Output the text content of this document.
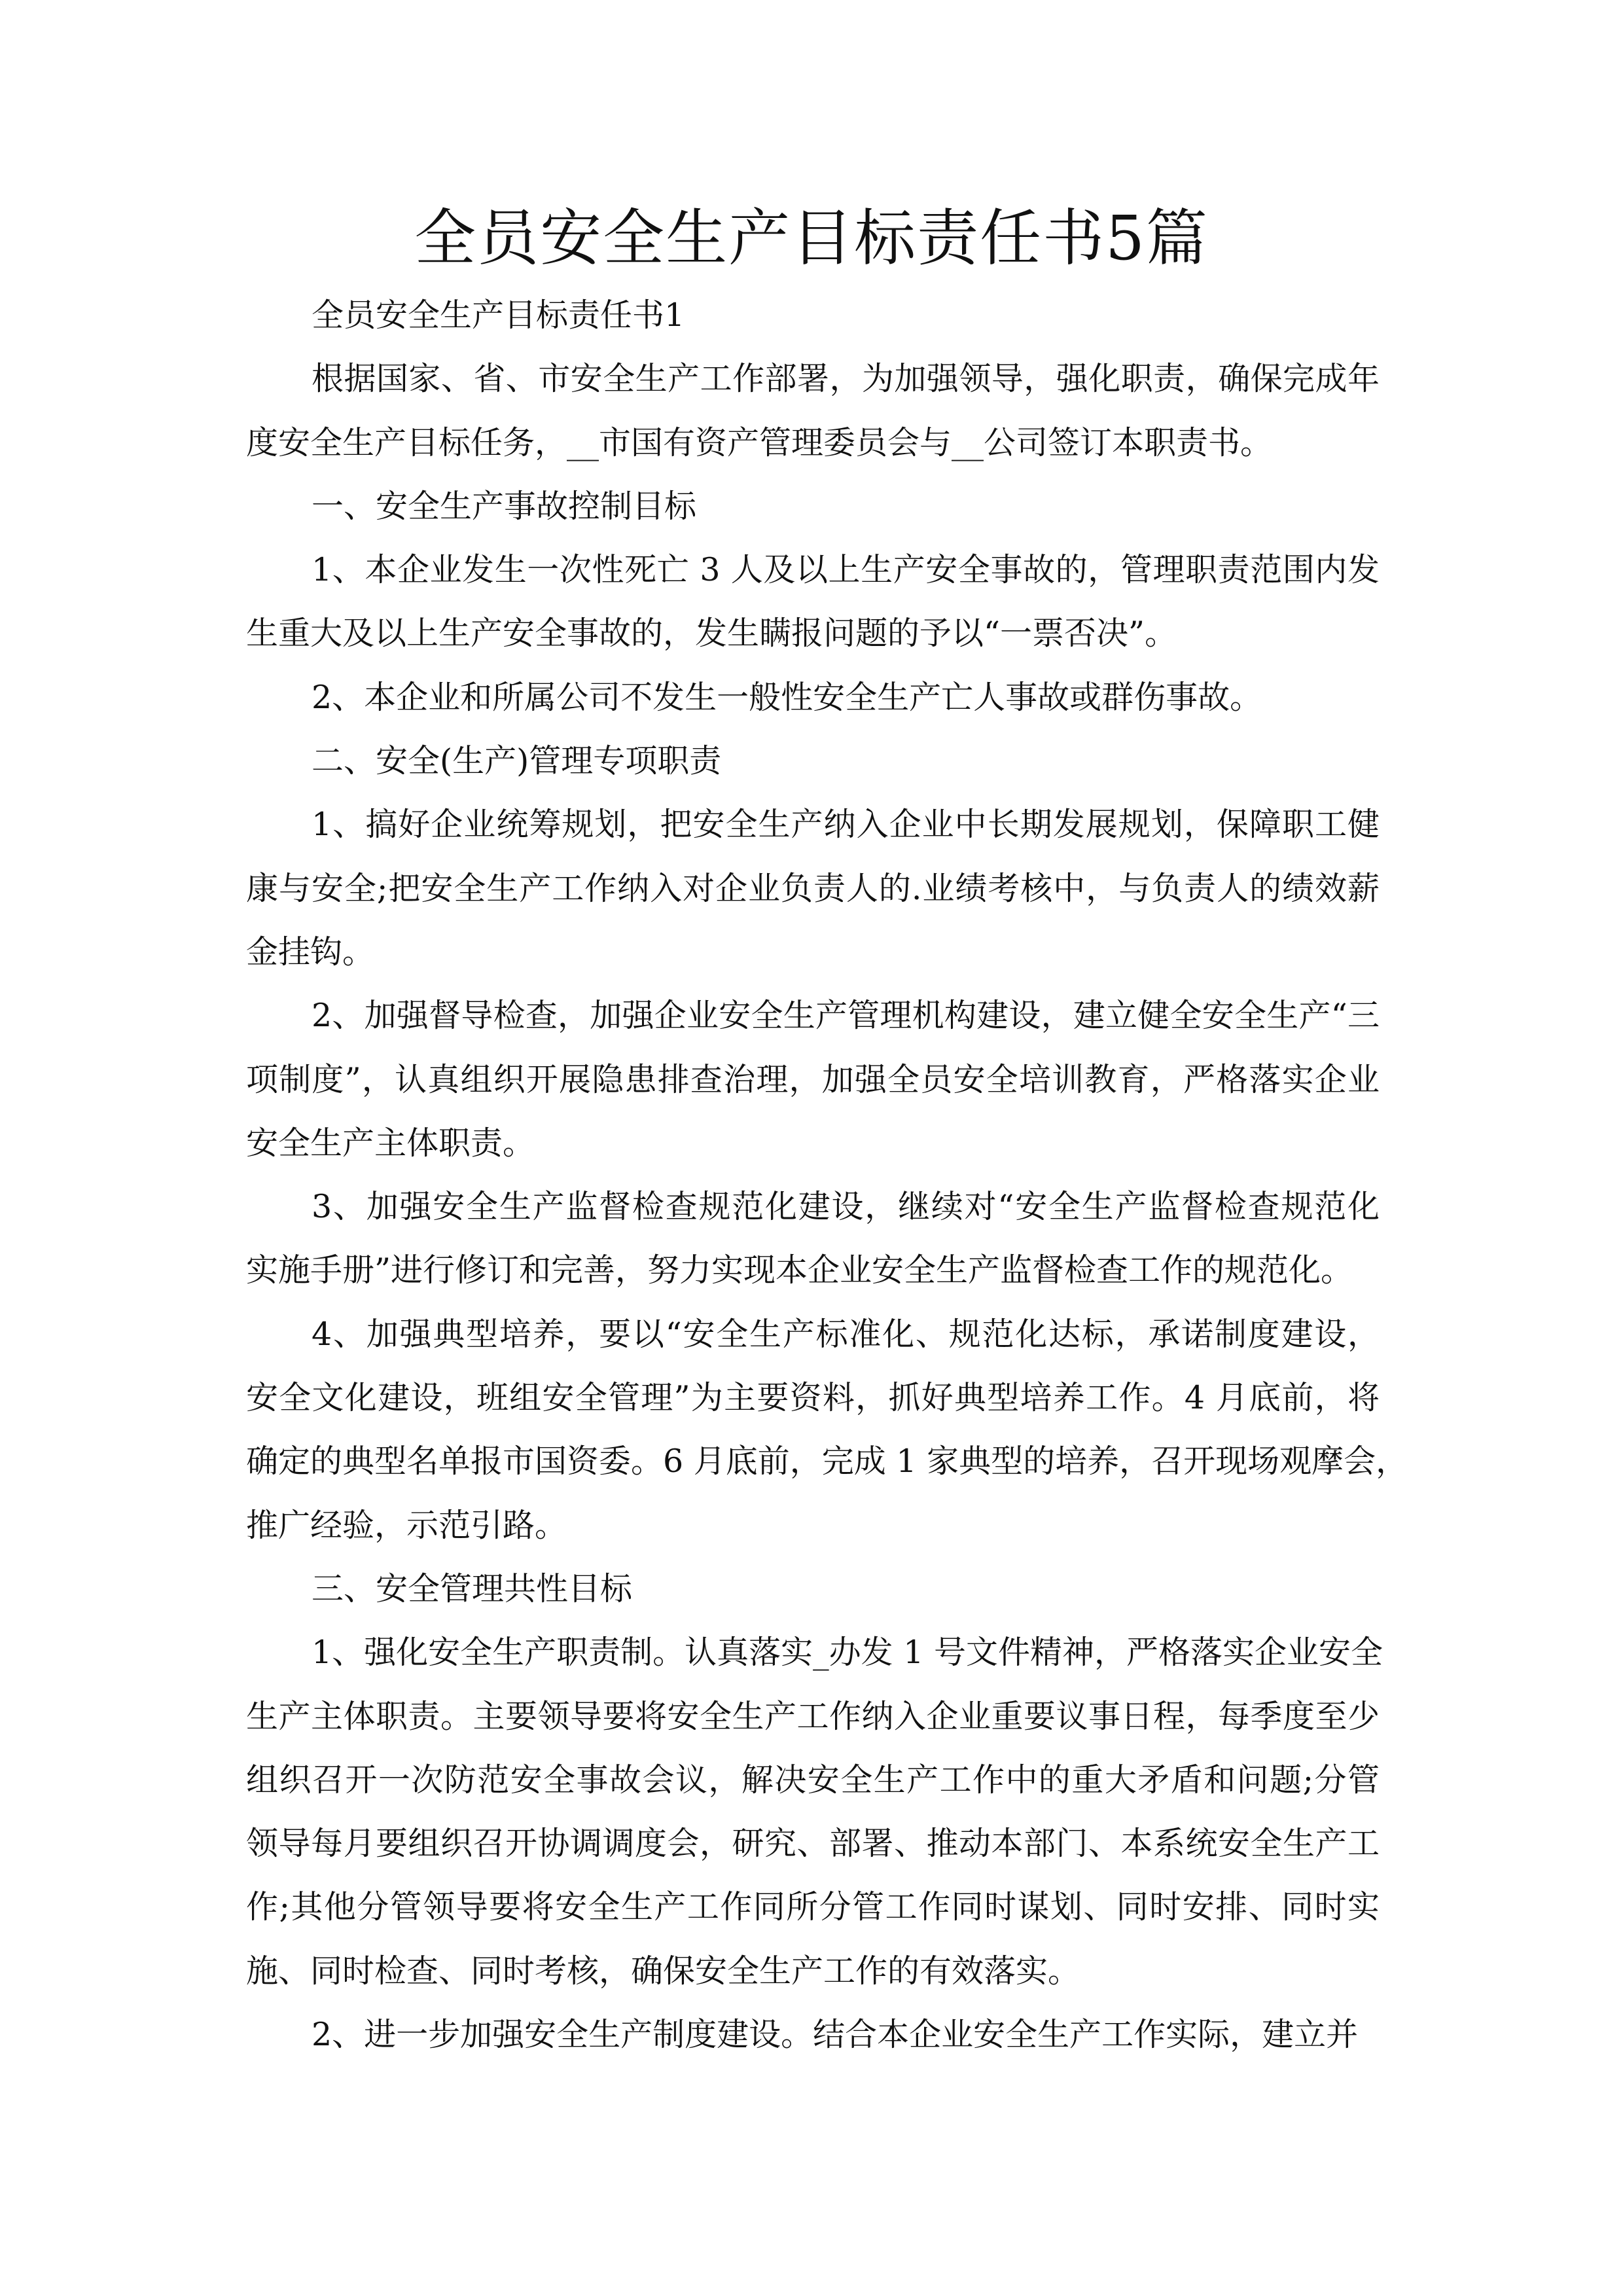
全员安全生产目标责任书5篇
全员安全生产目标责任书1
根据国家、省、市安全生产工作部署，为加强领导，强化职责，确保完成年
度安全生产目标任务，__市国有资产管理委员会与__公司签订本职责书。
一、安全生产事故控制目标
1、本企业发生一次性死亡 3 人及以上生产安全事故的，管理职责范围内发
生重大及以上生产安全事故的，发生瞒报问题的予以“一票否决”。
2、本企业和所属公司不发生一般性安全生产亡人事故或群伤事故。
二、安全(生产)管理专项职责
1、搞好企业统筹规划，把安全生产纳入企业中长期发展规划，保障职工健
康与安全;把安全生产工作纳入对企业负责人的.业绩考核中，与负责人的绩效薪
金挂钩。
2、加强督导检查，加强企业安全生产管理机构建设，建立健全安全生产“三
项制度”，认真组织开展隐患排查治理，加强全员安全培训教育，严格落实企业
安全生产主体职责。
3、加强安全生产监督检查规范化建设，继续对“安全生产监督检查规范化
实施手册”进行修订和完善，努力实现本企业安全生产监督检查工作的规范化。
4、加强典型培养，要以“安全生产标准化、规范化达标，承诺制度建设，
安全文化建设，班组安全管理”为主要资料，抓好典型培养工作。4 月底前，将
确定的典型名单报市国资委。6 月底前，完成 1 家典型的培养，召开现场观摩会，
推广经验，示范引路。
三、安全管理共性目标
1、强化安全生产职责制。认真落实_办发 1 号文件精神，严格落实企业安全
生产主体职责。主要领导要将安全生产工作纳入企业重要议事日程，每季度至少
组织召开一次防范安全事故会议，解决安全生产工作中的重大矛盾和问题;分管
领导每月要组织召开协调调度会，研究、部署、推动本部门、本系统安全生产工
作;其他分管领导要将安全生产工作同所分管工作同时谋划、同时安排、同时实
施、同时检查、同时考核，确保安全生产工作的有效落实。
2、进一步加强安全生产制度建设。结合本企业安全生产工作实际，建立并
